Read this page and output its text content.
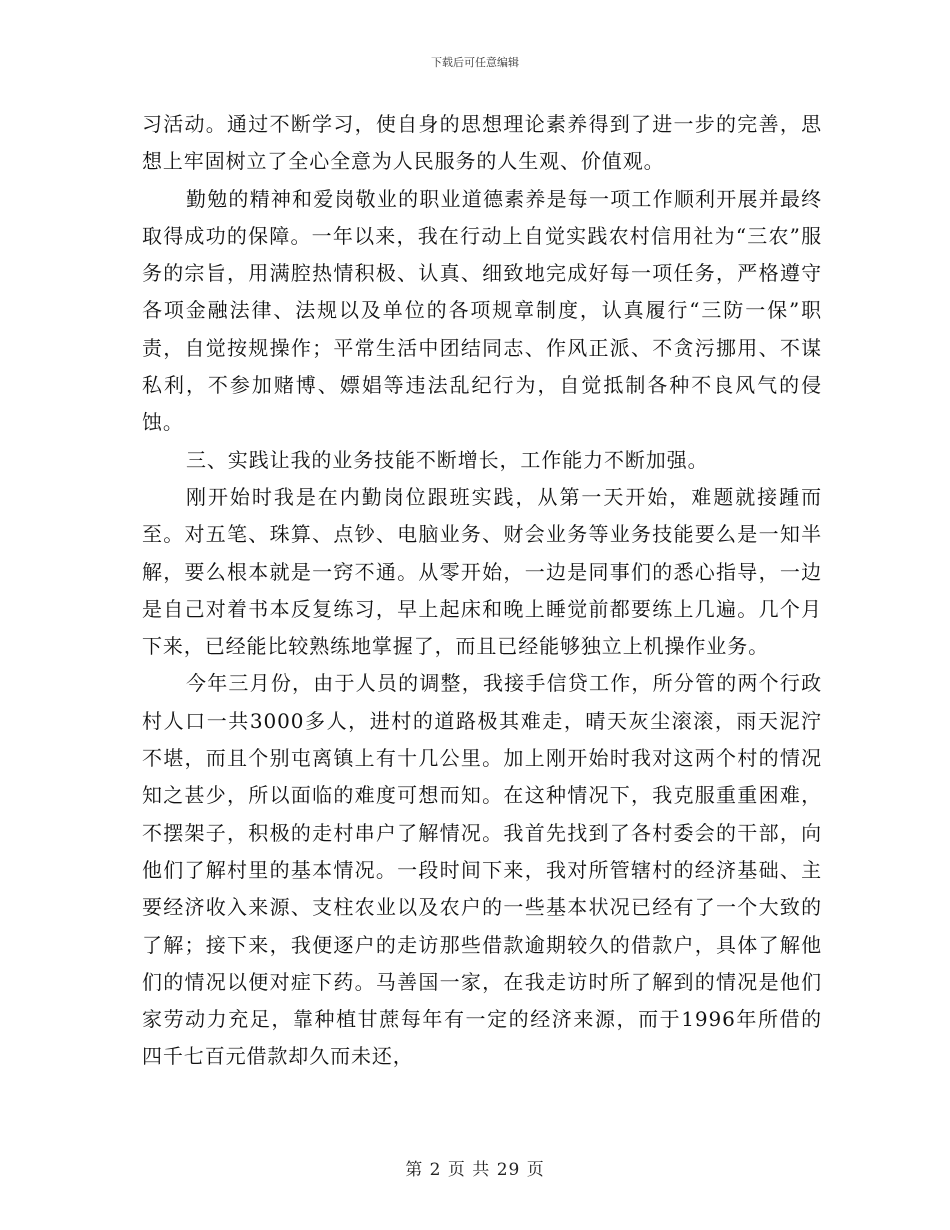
下载后可任意编辑

习活动。通过不断学习，使自身的思想理论素养得到了进一步的完善，思想上牢固树立了全心全意为人民服务的人生观、价值观。

勤勉的精神和爱岗敬业的职业道德素养是每一项工作顺利开展并最终取得成功的保障。一年以来，我在行动上自觉实践农村信用社为“三农”服务的宗旨，用满腔热情积极、认真、细致地完成好每一项任务，严格遵守各项金融法律、法规以及单位的各项规章制度，认真履行“三防一保”职责，自觉按规操作；平常生活中团结同志、作风正派、不贪污挪用、不谋私利，不参加赌博、嫖娼等违法乱纪行为，自觉抵制各种不良风气的侵蚀。

三、实践让我的业务技能不断增长，工作能力不断加强。

刚开始时我是在内勤岗位跟班实践，从第一天开始，难题就接踵而至。对五笔、珠算、点钞、电脑业务、财会业务等业务技能要么是一知半解，要么根本就是一窍不通。从零开始，一边是同事们的悉心指导，一边是自己对着书本反复练习，早上起床和晚上睡觉前都要练上几遍。几个月下来，已经能比较熟练地掌握了，而且已经能够独立上机操作业务。

今年三月份，由于人员的调整，我接手信贷工作，所分管的两个行政村人口一共3000多人，进村的道路极其难走，晴天灰尘滚滚，雨天泥泞不堪，而且个别屯离镇上有十几公里。加上刚开始时我对这两个村的情况知之甚少，所以面临的难度可想而知。在这种情况下，我克服重重困难，不摆架子，积极的走村串户了解情况。我首先找到了各村委会的干部，向他们了解村里的基本情况。一段时间下来，我对所管辖村的经济基础、主要经济收入来源、支柱农业以及农户的一些基本状况已经有了一个大致的了解；接下来，我便逐户的走访那些借款逾期较久的借款户，具体了解他们的情况以便对症下药。马善国一家，在我走访时所了解到的情况是他们家劳动力充足，靠种植甘蔗每年有一定的经济来源，而于1996年所借的四千七百元借款却久而未还，

第 2 页 共 29 页
